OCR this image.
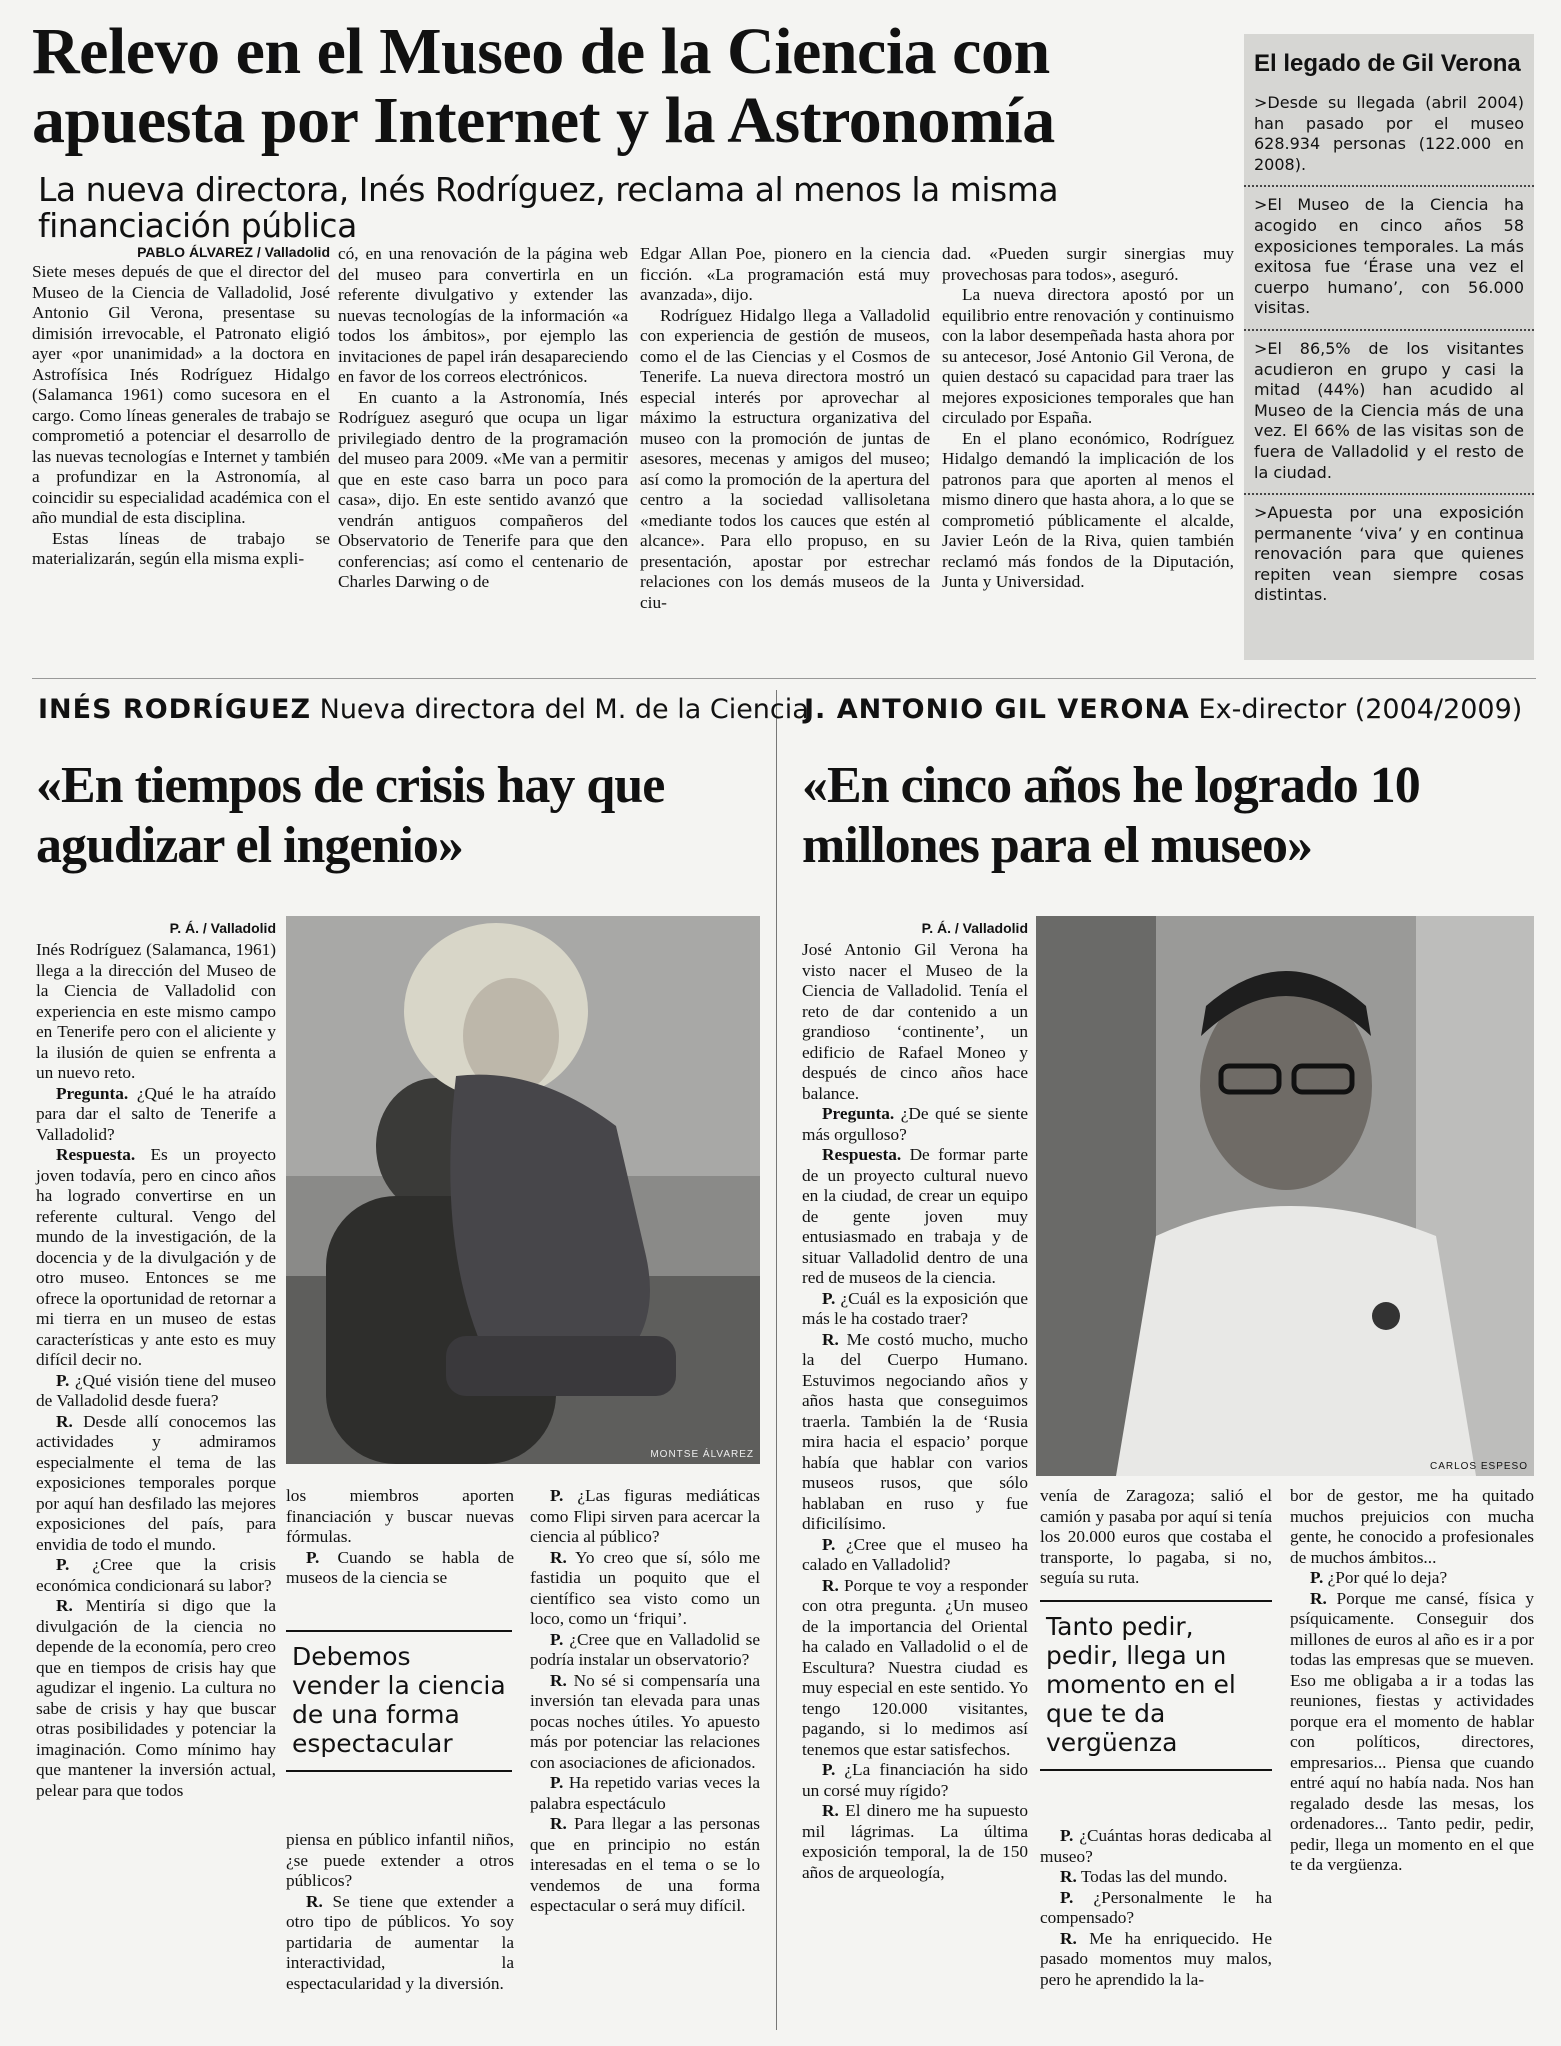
Relevo en el Museo de la Ciencia con apuesta por Internet y la Astronomía
La nueva directora, Inés Rodríguez, reclama al menos la misma financiación pública
PABLO ÁLVAREZ / Valladolid

Siete meses depués de que el director del Museo de la Ciencia de Valladolid, José Antonio Gil Verona, presentase su dimisión irrevocable, el Patronato eligió ayer «por unanimidad» a la doctora en Astrofísica Inés Rodríguez Hidalgo (Salamanca 1961) como sucesora en el cargo. Como líneas generales de trabajo se comprometió a potenciar el desarrollo de las nuevas tecnologías e Internet y también a profundizar en la Astronomía, al coincidir su especialidad académica con el año mundial de esta disciplina.

Estas líneas de trabajo se materializarán, según ella misma expli-

có, en una renovación de la página web del museo para convertirla en un referente divulgativo y extender las nuevas tecnologías de la información «a todos los ámbitos», por ejemplo las invitaciones de papel irán desapareciendo en favor de los correos electrónicos.

En cuanto a la Astronomía, Inés Rodríguez aseguró que ocupa un ligar privilegiado dentro de la programación del museo para 2009. «Me van a permitir que en este caso barra un poco para casa», dijo. En este sentido avanzó que vendrán antiguos compañeros del Observatorio de Tenerife para que den conferencias; así como el centenario de Charles Darwing o de

Edgar Allan Poe, pionero en la ciencia ficción. «La programación está muy avanzada», dijo.

Rodríguez Hidalgo llega a Valladolid con experiencia de gestión de museos, como el de las Ciencias y el Cosmos de Tenerife. La nueva directora mostró un especial interés por aprovechar al máximo la estructura organizativa del museo con la promoción de juntas de asesores, mecenas y amigos del museo; así como la promoción de la apertura del centro a la sociedad vallisoletana «mediante todos los cauces que estén al alcance». Para ello propuso, en su presentación, apostar por estrechar relaciones con los demás museos de la ciu-

dad. «Pueden surgir sinergias muy provechosas para todos», aseguró.

La nueva directora apostó por un equilibrio entre renovación y continuismo con la labor desempeñada hasta ahora por su antecesor, José Antonio Gil Verona, de quien destacó su capacidad para traer las mejores exposiciones temporales que han circulado por España.

En el plano económico, Rodríguez Hidalgo demandó la implicación de los patronos para que aporten al menos el mismo dinero que hasta ahora, a lo que se comprometió públicamente el alcalde, Javier León de la Riva, quien también reclamó más fondos de la Diputación, Junta y Universidad.

El legado de Gil Verona
>Desde su llegada (abril 2004) han pasado por el museo 628.934 personas (122.000 en 2008).
>El Museo de la Ciencia ha acogido en cinco años 58 exposiciones temporales. La más exitosa fue ‘Érase una vez el cuerpo humano’, con 56.000 visitas.
>El 86,5% de los visitantes acudieron en grupo y casi la mitad (44%) han acudido al Museo de la Ciencia más de una vez. El 66% de las visitas son de fuera de Valladolid y el resto de la ciudad.
>Apuesta por una exposición permanente ‘viva’ y en continua renovación para que quienes repiten vean siempre cosas distintas.
INÉS RODRÍGUEZ Nueva directora del M. de la Ciencia
«En tiempos de crisis hay que agudizar el ingenio»
P. Á. / Valladolid
MONTSE ÁLVAREZ

Inés Rodríguez (Salamanca, 1961) llega a la dirección del Museo de la Ciencia de Valladolid con experiencia en este mismo campo en Tenerife pero con el aliciente y la ilusión de quien se enfrenta a un nuevo reto.

Pregunta. ¿Qué le ha atraído para dar el salto de Tenerife a Valladolid?

Respuesta. Es un proyecto joven todavía, pero en cinco años ha logrado convertirse en un referente cultural. Vengo del mundo de la investigación, de la docencia y de la divulgación y de otro museo. Entonces se me ofrece la oportunidad de retornar a mi tierra en un museo de estas características y ante esto es muy difícil decir no.

P. ¿Qué visión tiene del museo de Valladolid desde fuera?

R. Desde allí conocemos las actividades y admiramos especialmente el tema de las exposiciones temporales porque por aquí han desfilado las mejores exposiciones del país, para envidia de todo el mundo.

P. ¿Cree que la crisis económica condicionará su labor?

R. Mentiría si digo que la divulgación de la ciencia no depende de la economía, pero creo que en tiempos de crisis hay que agudizar el ingenio. La cultura no sabe de crisis y hay que buscar otras posibilidades y potenciar la imaginación. Como mínimo hay que mantener la inversión actual, pelear para que todos

los miembros aporten financiación y buscar nuevas fórmulas.

P. Cuando se habla de museos de la ciencia se

Debemos vender la ciencia de una forma espectacular

piensa en público infantil niños, ¿se puede extender a otros públicos?

R. Se tiene que extender a otro tipo de públicos. Yo soy partidaria de aumentar la interactividad, la espectacularidad y la diversión.

P. ¿Las figuras mediáticas como Flipi sirven para acercar la ciencia al público?

R. Yo creo que sí, sólo me fastidia un poquito que el científico sea visto como un loco, como un ‘friqui’.

P. ¿Cree que en Valladolid se podría instalar un observatorio?

R. No sé si compensaría una inversión tan elevada para unas pocas noches útiles. Yo apuesto más por potenciar las relaciones con asociaciones de aficionados.

P. Ha repetido varias veces la palabra espectáculo

R. Para llegar a las personas que en principio no están interesadas en el tema o se lo vendemos de una forma espectacular o será muy difícil.

J. ANTONIO GIL VERONA Ex-director (2004/2009)
«En cinco años he logrado 10 millones para el museo»
P. Á. / Valladolid
CARLOS ESPESO

José Antonio Gil Verona ha visto nacer el Museo de la Ciencia de Valladolid. Tenía el reto de dar contenido a un grandioso ‘continente’, un edificio de Rafael Moneo y después de cinco años hace balance.

Pregunta. ¿De qué se siente más orgulloso?

Respuesta. De formar parte de un proyecto cultural nuevo en la ciudad, de crear un equipo de gente joven muy entusiasmado en trabaja y de situar Valladolid dentro de una red de museos de la ciencia.

P. ¿Cuál es la exposición que más le ha costado traer?

R. Me costó mucho, mucho la del Cuerpo Humano. Estuvimos negociando años y años hasta que conseguimos traerla. También la de ‘Rusia mira hacia el espacio’ porque había que hablar con varios museos rusos, que sólo hablaban en ruso y fue dificilísimo.

P. ¿Cree que el museo ha calado en Valladolid?

R. Porque te voy a responder con otra pregunta. ¿Un museo de la importancia del Oriental ha calado en Valladolid o el de Escultura? Nuestra ciudad es muy especial en este sentido. Yo tengo 120.000 visitantes, pagando, si lo medimos así tenemos que estar satisfechos.

P. ¿La financiación ha sido un corsé muy rígido?

R. El dinero me ha supuesto mil lágrimas. La última exposición temporal, la de 150 años de arqueología,

venía de Zaragoza; salió el camión y pasaba por aquí si tenía los 20.000 euros que costaba el transporte, lo pagaba, si no, seguía su ruta.

Tanto pedir, pedir, llega un momento en el que te da vergüenza

P. ¿Cuántas horas dedicaba al museo?

R. Todas las del mundo.

P. ¿Personalmente le ha compensado?

R. Me ha enriquecido. He pasado momentos muy malos, pero he aprendido la la-

bor de gestor, me ha quitado muchos prejuicios con mucha gente, he conocido a profesionales de muchos ámbitos...

P. ¿Por qué lo deja?

R. Porque me cansé, física y psíquicamente. Conseguir dos millones de euros al año es ir a por todas las empresas que se mueven. Eso me obligaba a ir a todas las reuniones, fiestas y actividades porque era el momento de hablar con políticos, directores, empresarios... Piensa que cuando entré aquí no había nada. Nos han regalado desde las mesas, los ordenadores... Tanto pedir, pedir, pedir, llega un momento en el que te da vergüenza.
